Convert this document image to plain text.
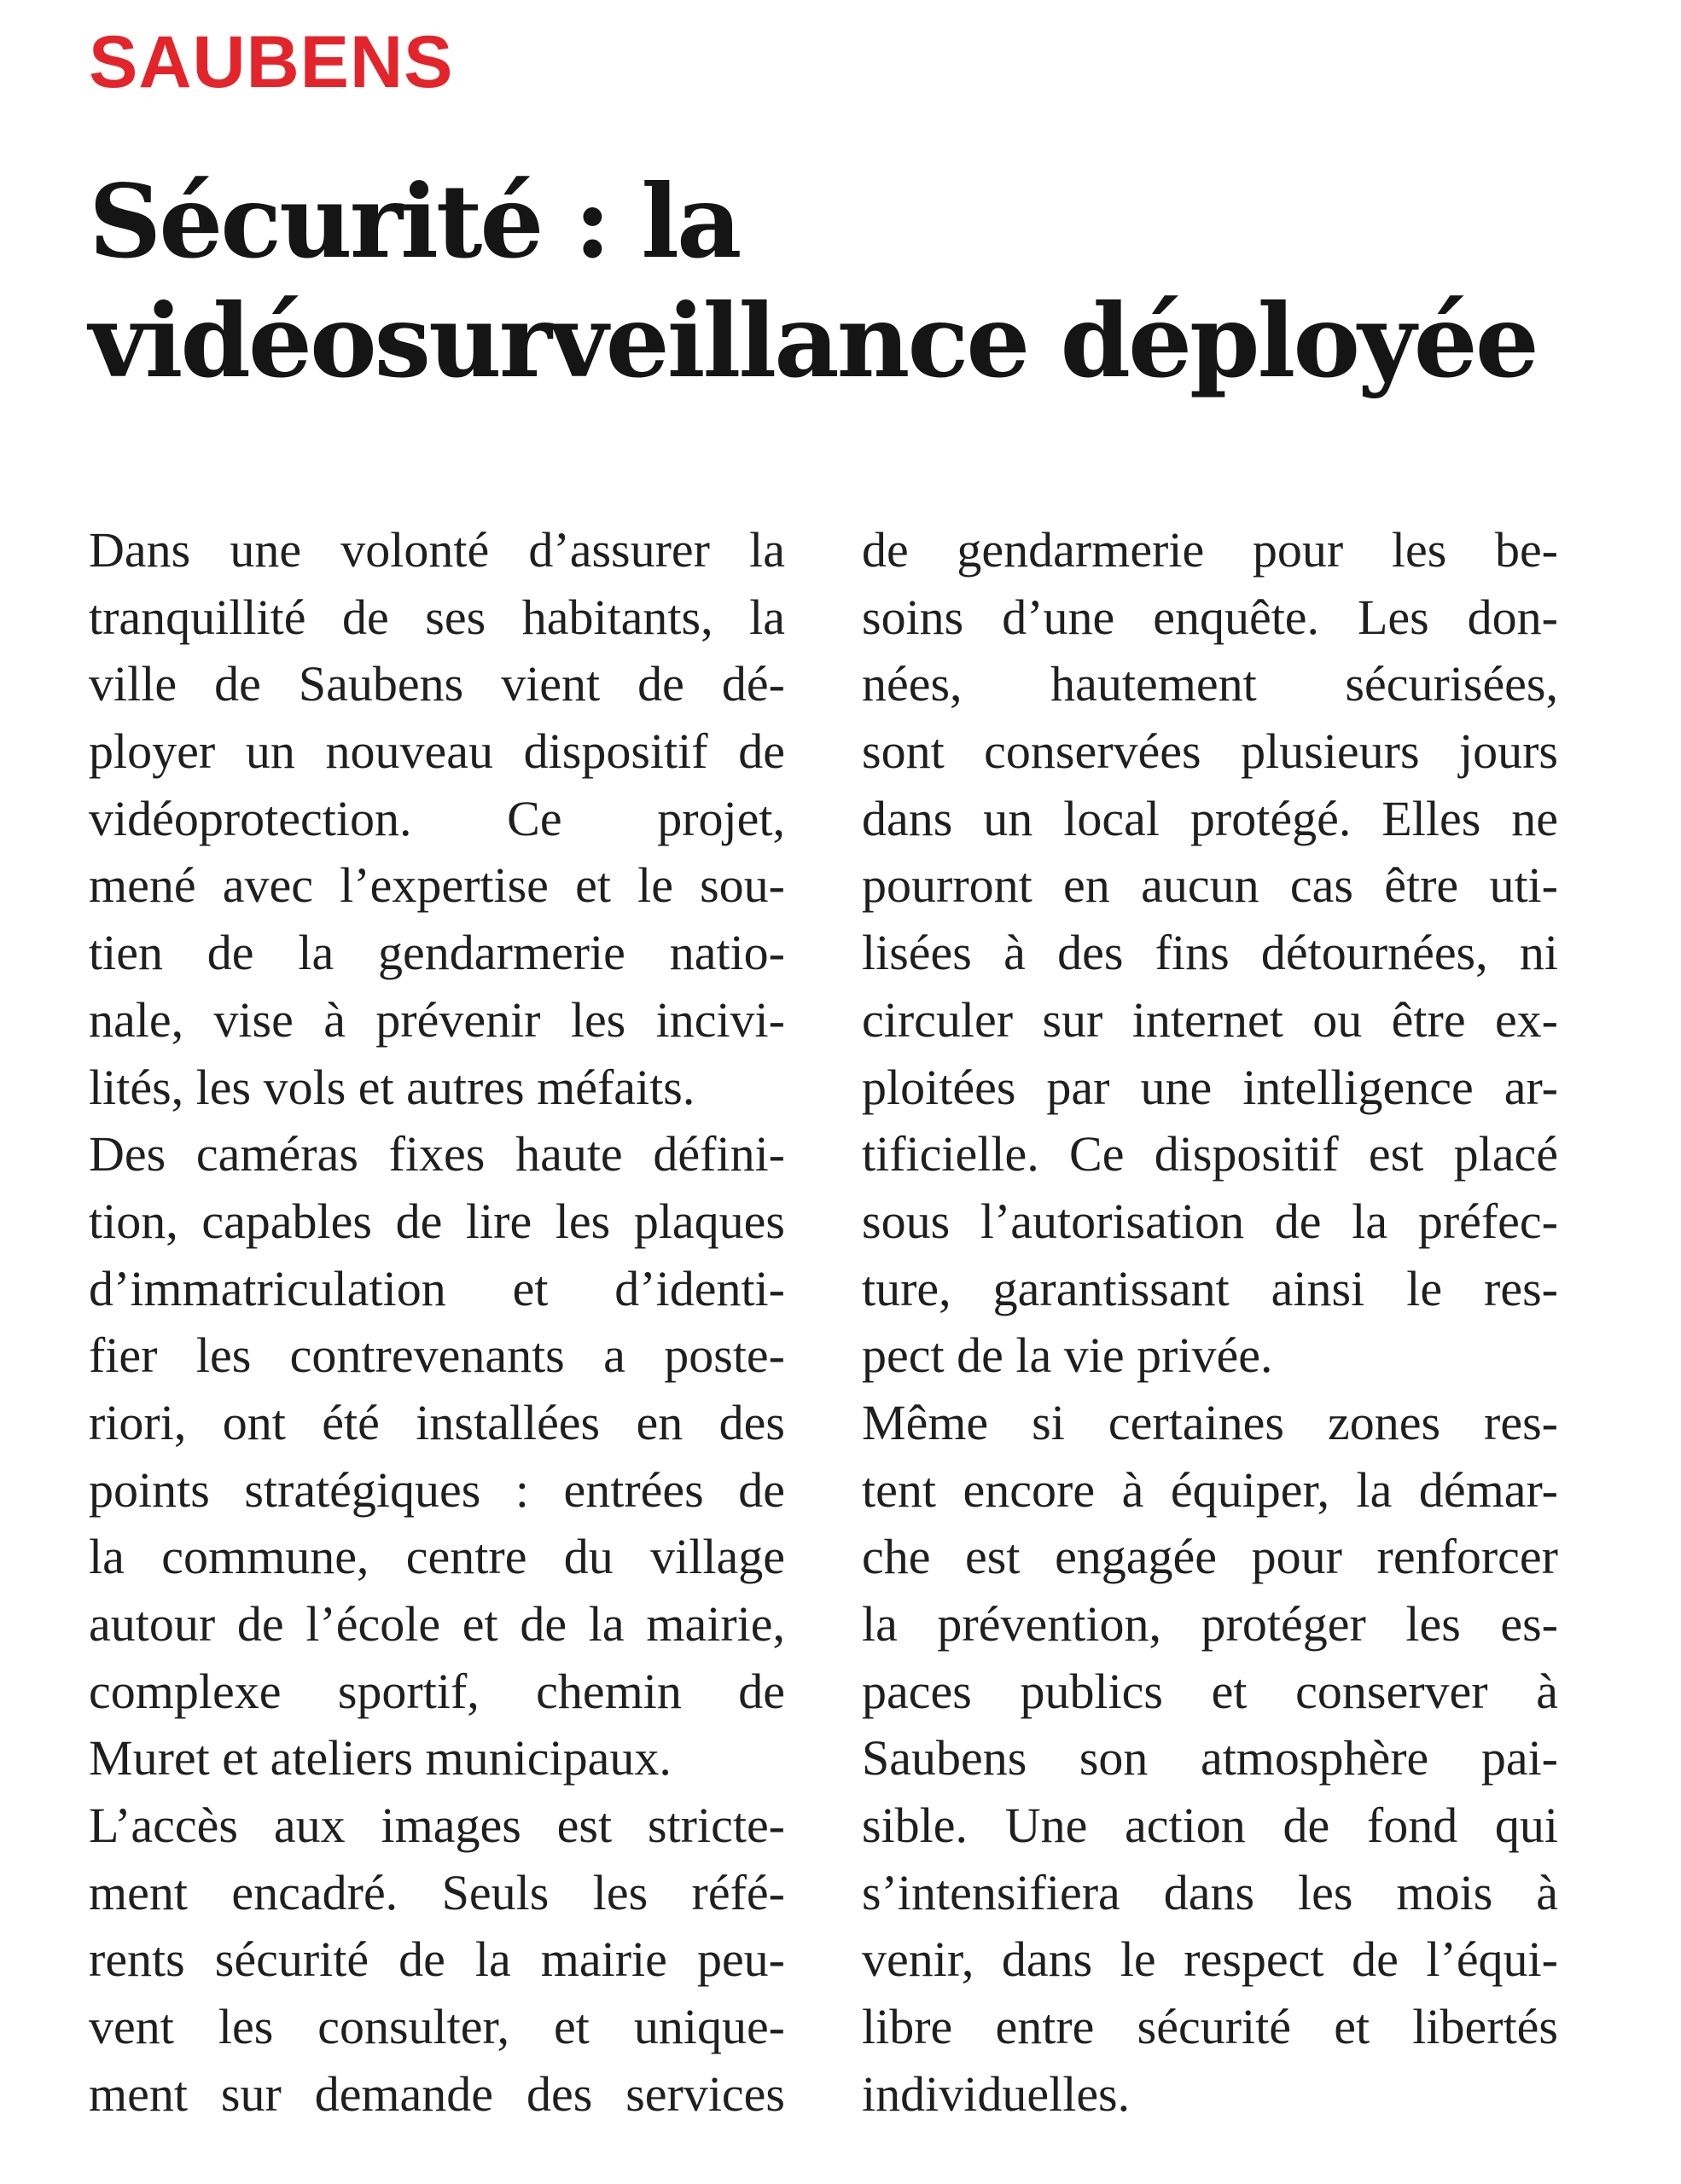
SAUBENS
Sécurité : la
vidéosurveillance déployée
Dans une volonté d’assurer la
tranquillité de ses habitants, la
ville de Saubens vient de dé-
ployer un nouveau dispositif de
vidéoprotection. Ce projet,
mené avec l’expertise et le sou-
tien de la gendarmerie natio-
nale, vise à prévenir les incivi-
lités, les vols et autres méfaits.
Des caméras fixes haute défini-
tion, capables de lire les plaques
d’immatriculation et d’identi-
fier les contrevenants a poste-
riori, ont été installées en des
points stratégiques : entrées de
la commune, centre du village
autour de l’école et de la mairie,
complexe sportif, chemin de
Muret et ateliers municipaux.
L’accès aux images est stricte-
ment encadré. Seuls les réfé-
rents sécurité de la mairie peu-
vent les consulter, et unique-
ment sur demande des services
de gendarmerie pour les be-
soins d’une enquête. Les don-
nées, hautement sécurisées,
sont conservées plusieurs jours
dans un local protégé. Elles ne
pourront en aucun cas être uti-
lisées à des fins détournées, ni
circuler sur internet ou être ex-
ploitées par une intelligence ar-
tificielle. Ce dispositif est placé
sous l’autorisation de la préfec-
ture, garantissant ainsi le res-
pect de la vie privée.
Même si certaines zones res-
tent encore à équiper, la démar-
che est engagée pour renforcer
la prévention, protéger les es-
paces publics et conserver à
Saubens son atmosphère pai-
sible. Une action de fond qui
s’intensifiera dans les mois à
venir, dans le respect de l’équi-
libre entre sécurité et libertés
individuelles.
